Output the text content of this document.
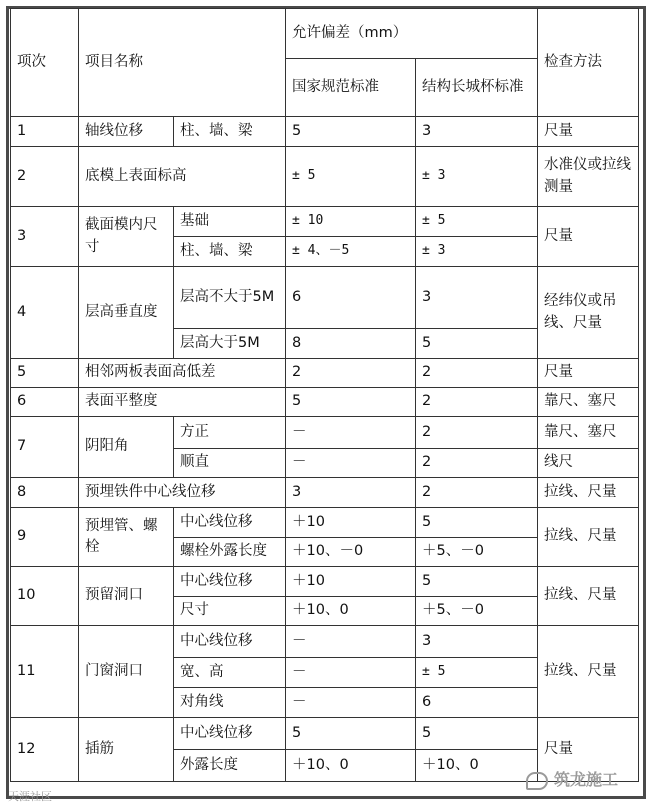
项次	项目名称		允许偏差（mm）		检查方法
			国家规范标准	结构长城杯标准	
1	轴线位移	柱、墙、梁	5	3	尺量
2	底模上表面标高		± 5	± 3	水准仪或拉线测量
3	截面模内尺寸	基础	± 10	± 5	尺量
		柱、墙、梁	± 4、－5	± 3	
4	层高垂直度	层高不大于5M	6	3	经纬仪或吊线、尺量
		层高大于5M	8	5	
5	相邻两板表面高低差		2	2	尺量
6	表面平整度		5	2	靠尺、塞尺
7	阴阳角	方正	－	2	靠尺、塞尺
		顺直	－	2	线尺
8	预埋铁件中心线位移		3	2	拉线、尺量
9	预埋管、螺栓	中心线位移	＋10	5	拉线、尺量
		螺栓外露长度	＋10、－0	＋5、－0	
10	预留洞口	中心线位移	＋10	5	拉线、尺量
		尺寸	＋10、0	＋5、－0	
11	门窗洞口	中心线位移	－	3	拉线、尺量
		宽、高	－	± 5	
		对角线	－	6	
12	插筋	中心线位移	5	5	尺量
		外露长度	＋10、0	＋10、0	
筑龙施工
天涯社区
